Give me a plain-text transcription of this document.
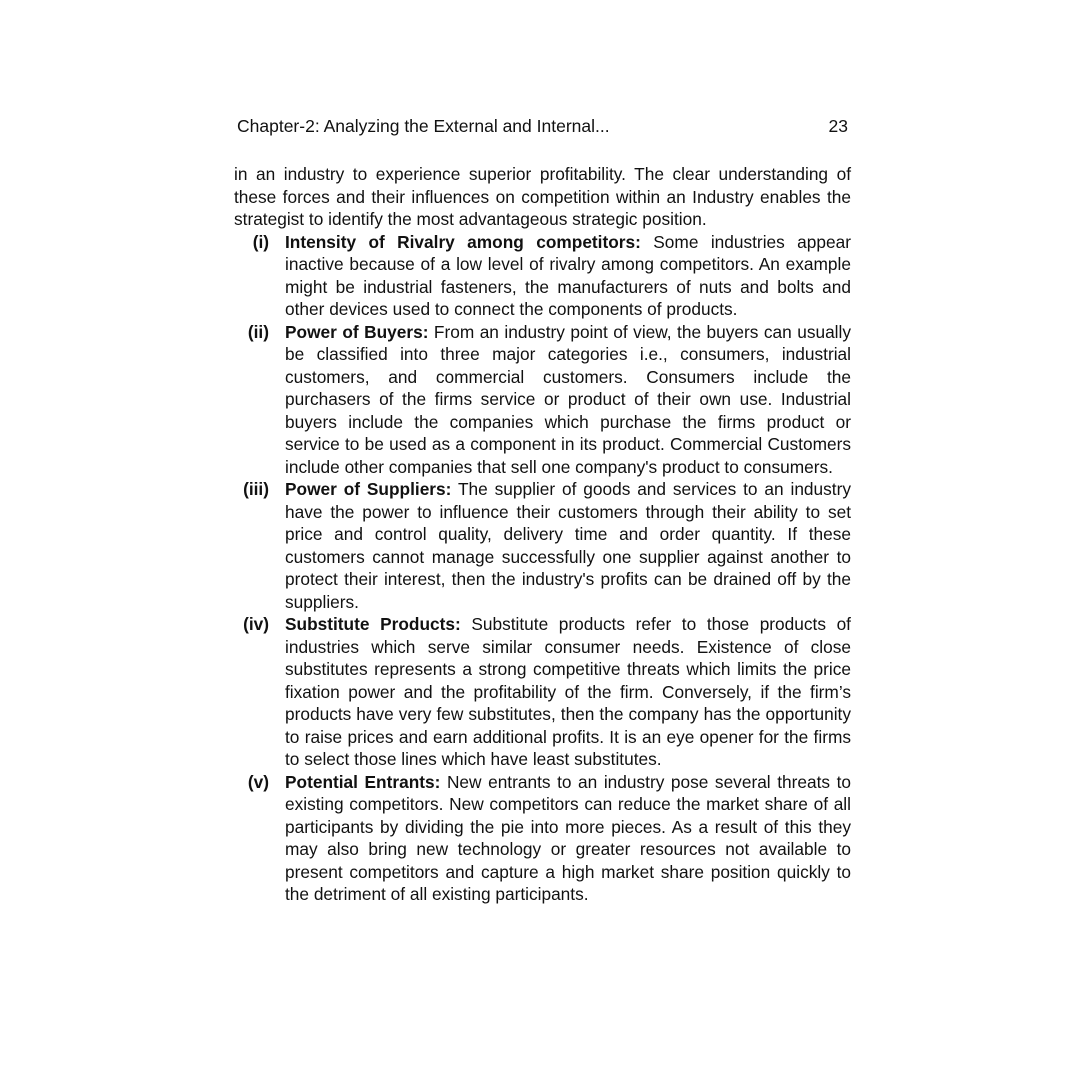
Chapter-2: Analyzing the External and Internal...	23

in an industry to experience superior profitability. The clear understanding of these forces and their influences on competition within an Industry enables the strategist to identify the most advantageous strategic position.

(i) Intensity of Rivalry among competitors: Some industries appear inactive because of a low level of rivalry among competitors. An example might be industrial fasteners, the manufacturers of nuts and bolts and other devices used to connect the components of products.
(ii) Power of Buyers: From an industry point of view, the buyers can usually be classified into three major categories i.e., consumers, industrial customers, and commercial customers. Consumers include the purchasers of the firms service or product of their own use. Industrial buyers include the companies which purchase the firms product or service to be used as a component in its product. Commercial Customers include other companies that sell one company's product to consumers.
(iii) Power of Suppliers: The supplier of goods and services to an industry have the power to influence their customers through their ability to set price and control quality, delivery time and order quantity. If these customers cannot manage successfully one supplier against another to protect their interest, then the industry's profits can be drained off by the suppliers.
(iv) Substitute Products: Substitute products refer to those products of industries which serve similar consumer needs. Existence of close substitutes represents a strong competitive threats which limits the price fixation power and the profitability of the firm. Conversely, if the firm’s products have very few substitutes, then the company has the opportunity to raise prices and earn additional profits. It is an eye opener for the firms to select those lines which have least substitutes.
(v) Potential Entrants: New entrants to an industry pose several threats to existing competitors. New competitors can reduce the market share of all participants by dividing the pie into more pieces. As a result of this they may also bring new technology or greater resources not available to present competitors and capture a high market share position quickly to the detriment of all existing participants.
